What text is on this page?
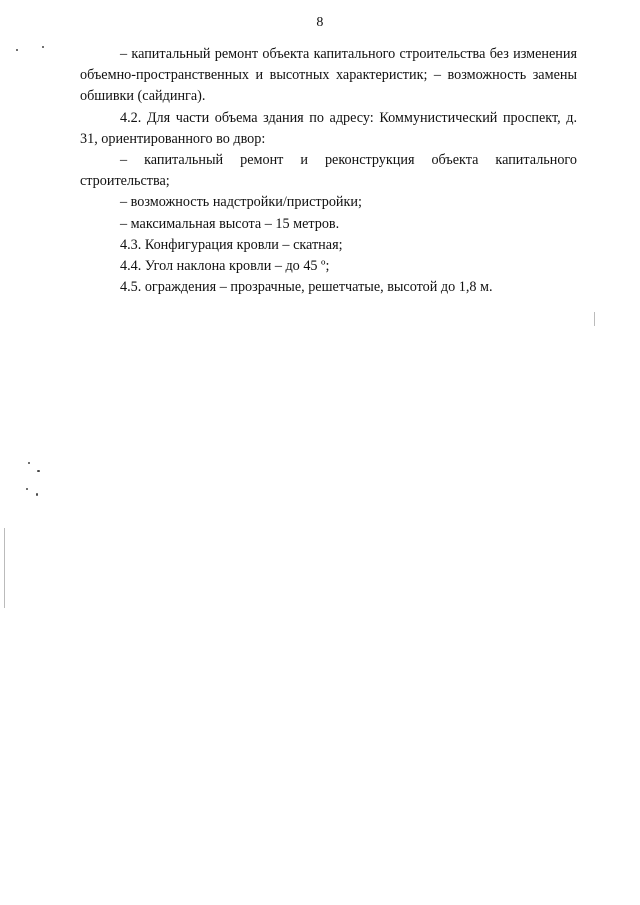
8

– капитальный ремонт объекта капитального строительства без изменения объемно-пространственных и высотных характеристик; – возможность замены обшивки (сайдинга).

4.2. Для части объема здания по адресу: Коммунистический проспект, д. 31, ориентированного во двор:

– капитальный ремонт и реконструкция объекта капитального строительства;

– возможность надстройки/пристройки;

– максимальная высота – 15 метров.

4.3. Конфигурация кровли – скатная;

4.4. Угол наклона кровли – до 45 º;

4.5. ограждения – прозрачные, решетчатые, высотой до 1,8 м.
